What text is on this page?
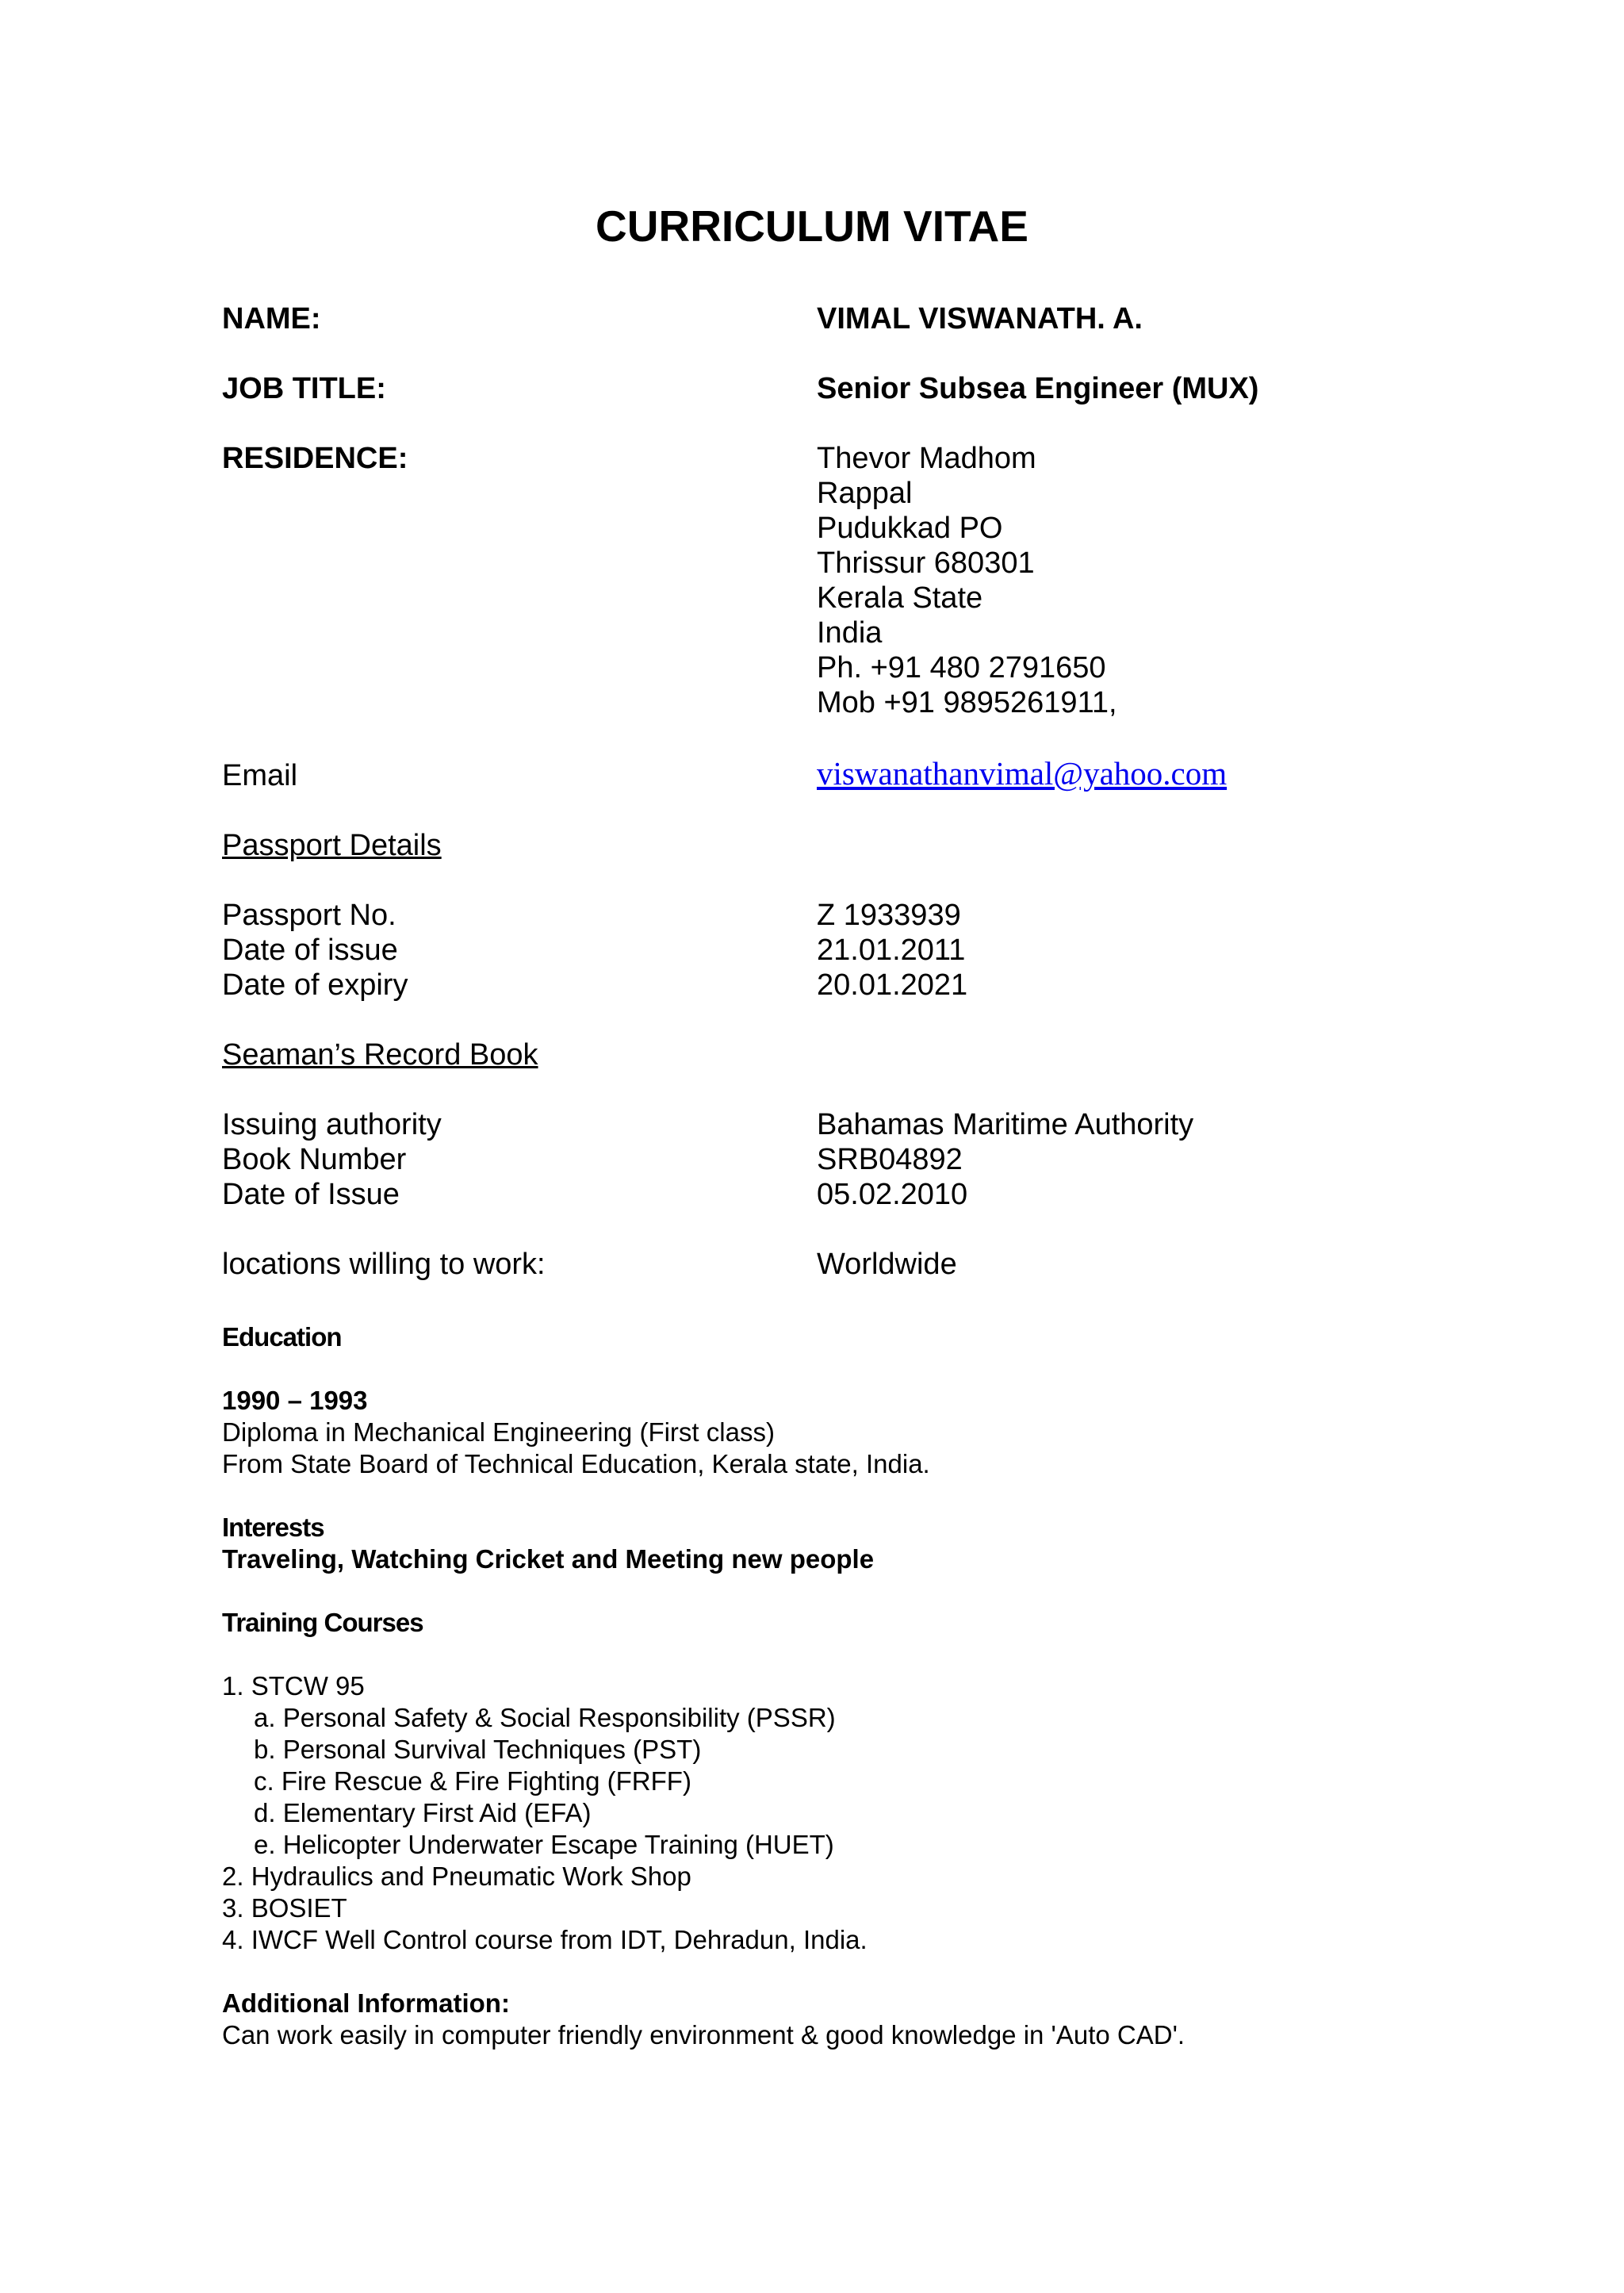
CURRICULUM VITAE
NAME:	VIMAL VISWANATH. A.
JOB TITLE:	Senior Subsea Engineer (MUX)
RESIDENCE:	Thevor Madhom
Rappal
Pudukkad PO
Thrissur 680301
Kerala State
India
Ph. +91 480 2791650
Mob +91 9895261911,
Email	viswanathanvimal@yahoo.com
Passport Details
Passport No.	Z 1933939
Date of issue	21.01.2011
Date of expiry	20.01.2021
Seaman’s Record Book
Issuing authority	Bahamas Maritime Authority
Book Number	SRB04892
Date of Issue	05.02.2010
locations willing to work:	Worldwide
Education
1990 – 1993
Diploma in Mechanical Engineering (First class)
From State Board of Technical Education, Kerala state, India.
Interests
Traveling, Watching Cricket and Meeting new people
Training Courses
1. STCW 95
a. Personal Safety & Social Responsibility (PSSR)
b. Personal Survival Techniques (PST)
c. Fire Rescue & Fire Fighting (FRFF)
d. Elementary First Aid (EFA)
e. Helicopter Underwater Escape Training (HUET)
2. Hydraulics and Pneumatic Work Shop
3. BOSIET
4. IWCF Well Control course from IDT, Dehradun, India.
Additional Information:
Can work easily in computer friendly environment & good knowledge in 'Auto CAD'.
